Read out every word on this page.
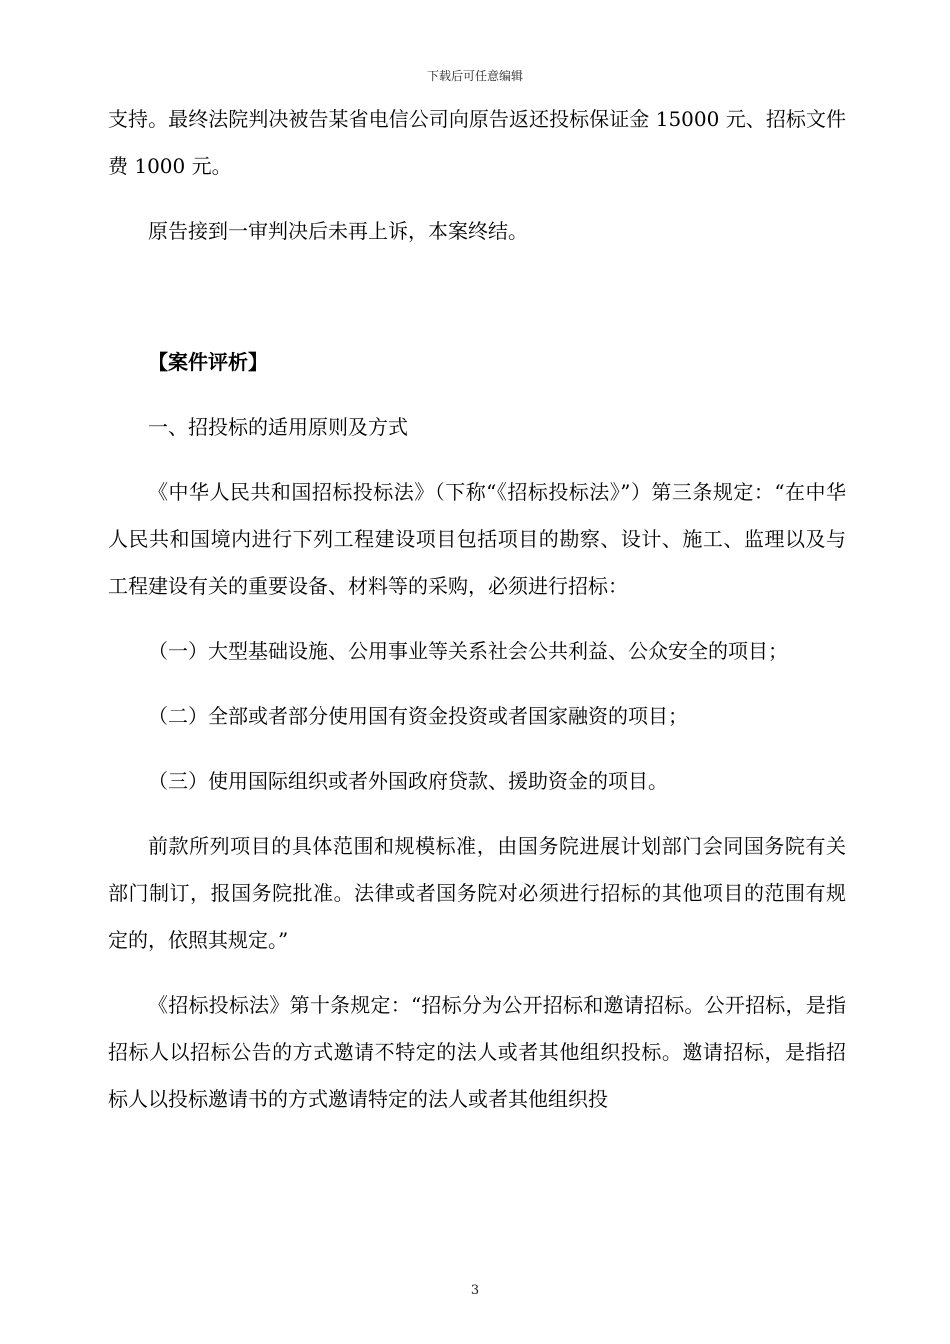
下载后可任意编辑

支持。最终法院判决被告某省电信公司向原告返还投标保证金 15000 元、招标文件费 1000 元。

原告接到一审判决后未再上诉，本案终结。

【案件评析】

一、招投标的适用原则及方式

《中华人民共和国招标投标法》（下称“《招标投标法》”）第三条规定：“在中华人民共和国境内进行下列工程建设项目包括项目的勘察、设计、施工、监理以及与工程建设有关的重要设备、材料等的采购，必须进行招标：

（一）大型基础设施、公用事业等关系社会公共利益、公众安全的项目；

（二）全部或者部分使用国有资金投资或者国家融资的项目；

（三）使用国际组织或者外国政府贷款、援助资金的项目。

前款所列项目的具体范围和规模标准，由国务院进展计划部门会同国务院有关部门制订，报国务院批准。法律或者国务院对必须进行招标的其他项目的范围有规定的，依照其规定。”

《招标投标法》第十条规定：“招标分为公开招标和邀请招标。公开招标，是指招标人以招标公告的方式邀请不特定的法人或者其他组织投标。邀请招标，是指招标人以投标邀请书的方式邀请特定的法人或者其他组织投

3
